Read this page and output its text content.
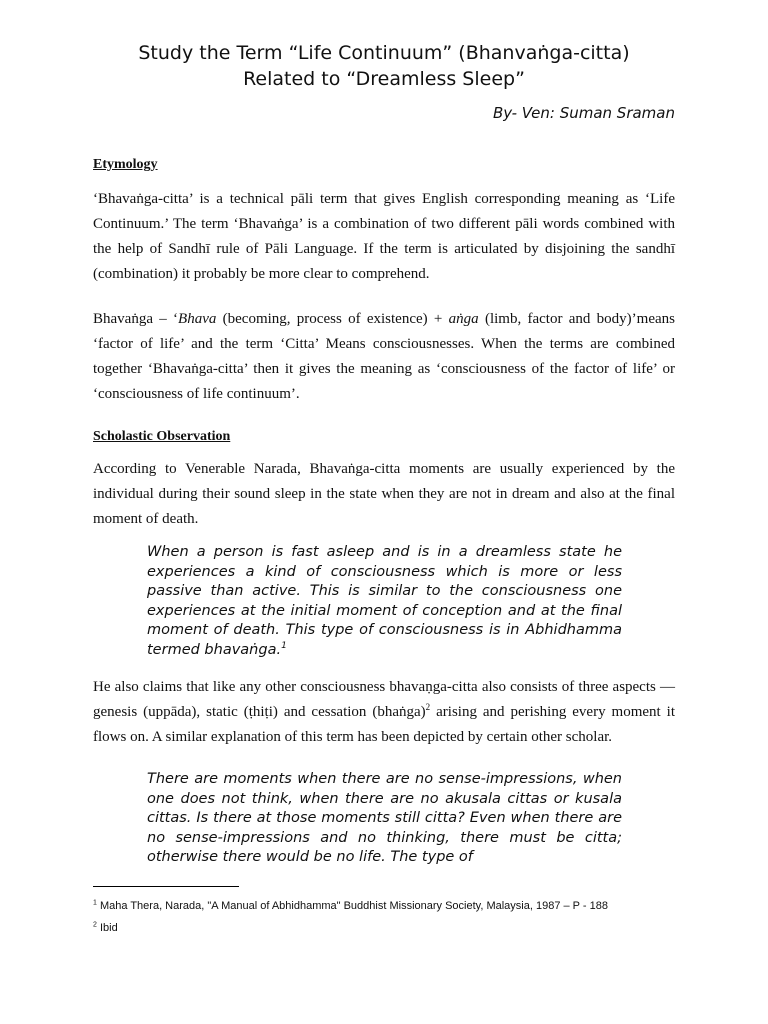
Study the Term “Life Continuum” (Bhanvaṅga-citta)
Related to “Dreamless Sleep”

By- Ven: Suman Sraman

Etymology

‘Bhavaṅga-citta’ is a technical pāli term that gives English corresponding meaning as ‘Life Continuum.’ The term ‘Bhavaṅga’ is a combination of two different pāli words combined with the help of Sandhī rule of Pāli Language. If the term is articulated by disjoining the sandhī (combination) it probably be more clear to comprehend.

Bhavaṅga – ‘Bhava (becoming, process of existence) + aṅga (limb, factor and body)’means ‘factor of life’ and the term ‘Citta’ Means consciousnesses. When the terms are combined together ‘Bhavaṅga-citta’ then it gives the meaning as ‘consciousness of the factor of life’ or ‘consciousness of life continuum’.

Scholastic Observation

According to Venerable Narada, Bhavaṅga-citta moments are usually experienced by the individual during their sound sleep in the state when they are not in dream and also at the final moment of death.

When a person is fast asleep and is in a dreamless state he experiences a kind of consciousness which is more or less passive than active. This is similar to the consciousness one experiences at the initial moment of conception and at the final moment of death. This type of consciousness is in Abhidhamma termed bhavaṅga.$^1$

He also claims that like any other consciousness bhavaṇga-citta also consists of three aspects —genesis (uppāda), static (ṭhiṭi) and cessation (bhaṅga)$^2$ arising and perishing every moment it flows on. A similar explanation of this term has been depicted by certain other scholar.

There are moments when there are no sense-impressions, when one does not think, when there are no akusala cittas or kusala cittas. Is there at those moments still citta? Even when there are no sense-impressions and no thinking, there must be citta; otherwise there would be no life. The type of

$^1$ Maha Thera, Narada, "A Manual of Abhidhamma" Buddhist Missionary Society, Malaysia, 1987 – P - 188

$^2$ Ibid
